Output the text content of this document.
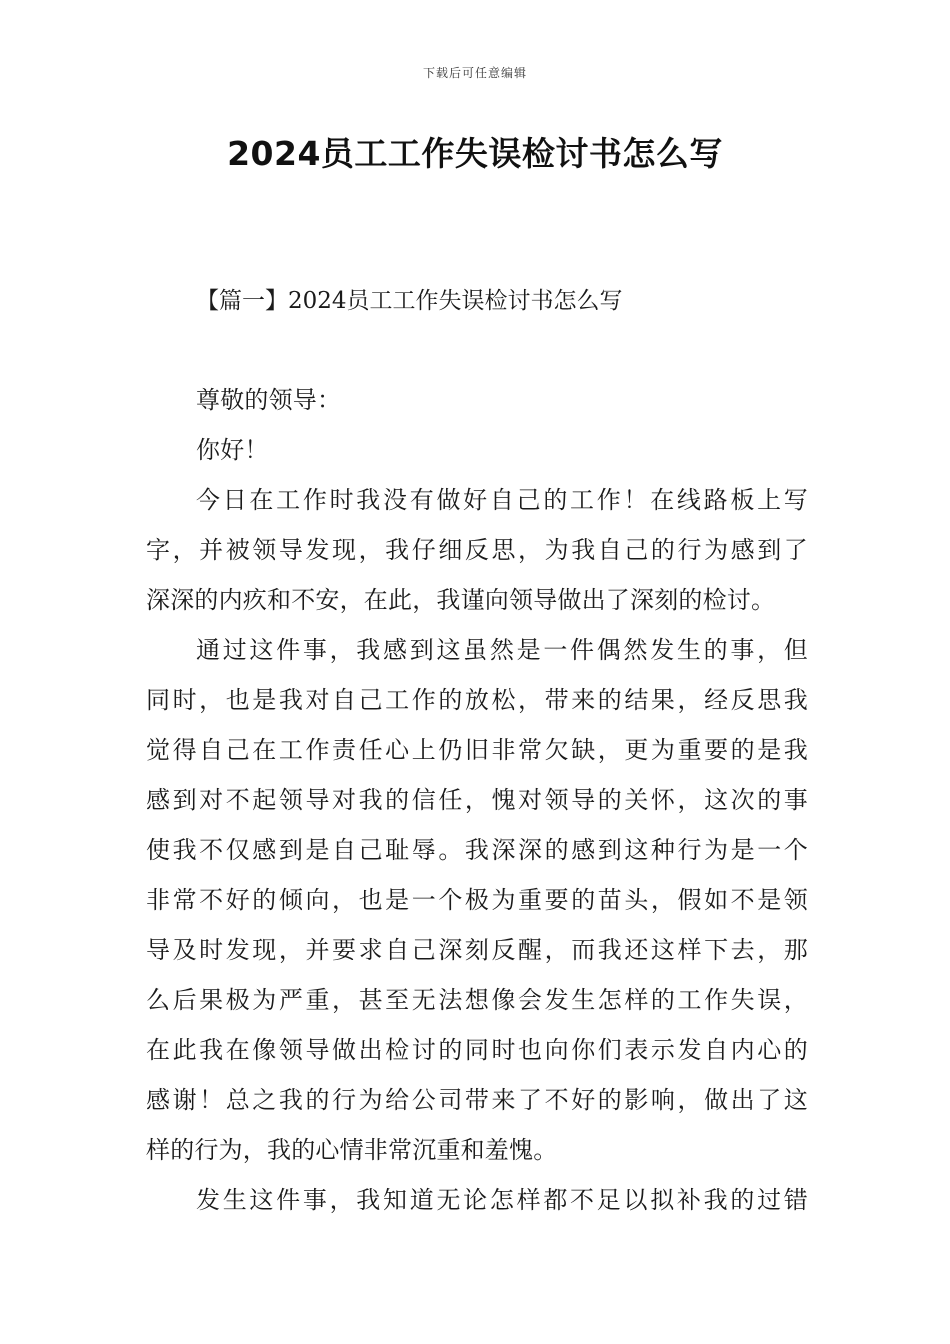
下载后可任意编辑
2024员工工作失误检讨书怎么写
【篇一】2024员工工作失误检讨书怎么写
尊敬的领导：
你好！
今日在工作时我没有做好自己的工作！在线路板上写
字，并被领导发现，我仔细反思，为我自己的行为感到了
深深的内疚和不安，在此，我谨向领导做出了深刻的检讨。
通过这件事，我感到这虽然是一件偶然发生的事，但
同时，也是我对自己工作的放松，带来的结果，经反思我
觉得自己在工作责任心上仍旧非常欠缺，更为重要的是我
感到对不起领导对我的信任，愧对领导的关怀，这次的事
使我不仅感到是自己耻辱。我深深的感到这种行为是一个
非常不好的倾向，也是一个极为重要的苗头，假如不是领
导及时发现，并要求自己深刻反醒，而我还这样下去，那
么后果极为严重，甚至无法想像会发生怎样的工作失误，
在此我在像领导做出检讨的同时也向你们表示发自内心的
感谢！总之我的行为给公司带来了不好的影响，做出了这
样的行为，我的心情非常沉重和羞愧。
发生这件事，我知道无论怎样都不足以拟补我的过错
